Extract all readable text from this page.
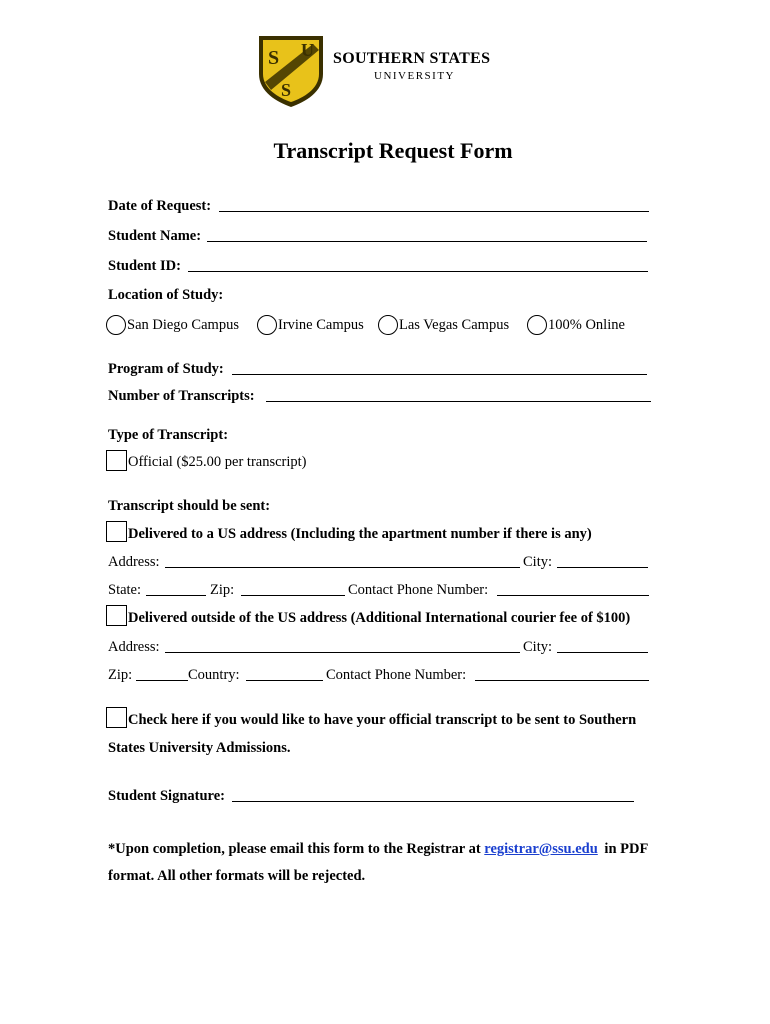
S U
S
SOUTHERN STATES
UNIVERSITY
Transcript Request Form
Date of Request:
Student Name:
Student ID:
Location of Study:
San Diego Campus	Irvine Campus Las Vegas Campus	100% Online
Program of Study:
Number of Transcripts:
Type of Transcript:
Official ($25.00 per transcript)
Transcript should be sent:
Delivered to a US address (Including the apartment number if there is any)
Address:	City:
State:	Zip:	Contact Phone Number:
Delivered outside of the US address (Additional International courier fee of $100)
Address:	City:
Zip:	Country:	Contact Phone Number:
Check here if you would like to have your official transcript to be sent to Southern
States University Admissions.
Student Signature:
*Upon completion, please email this form to the Registrar at registrar@ssu.edu in PDF
format. All other formats will be rejected.
